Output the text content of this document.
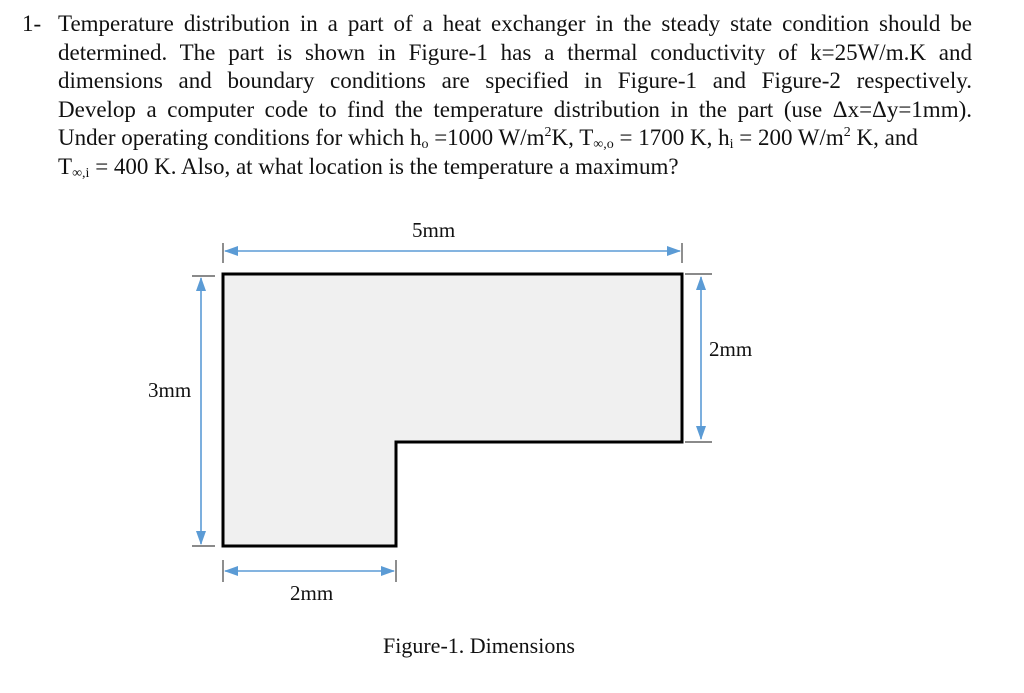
1- Temperature distribution in a part of a heat exchanger in the steady state condition should be
determined. The part is shown in Figure-1 has a thermal conductivity of k=25W/m.K and
dimensions and boundary conditions are specified in Figure-1 and Figure-2 respectively.
Develop a computer code to find the temperature distribution in the part (use Δx=Δy=1mm).
Under operating conditions for which $h_o =1000$ $W/m^2K$, $T_{\infty,o} = 1700$ K, $h_i = 200$ $W/m^2$ K, and
$T_{\infty,i} = 400$ K. Also, at what location is the temperature a maximum?
5mm
3mm
2mm
2mm
Figure-1. Dimensions
